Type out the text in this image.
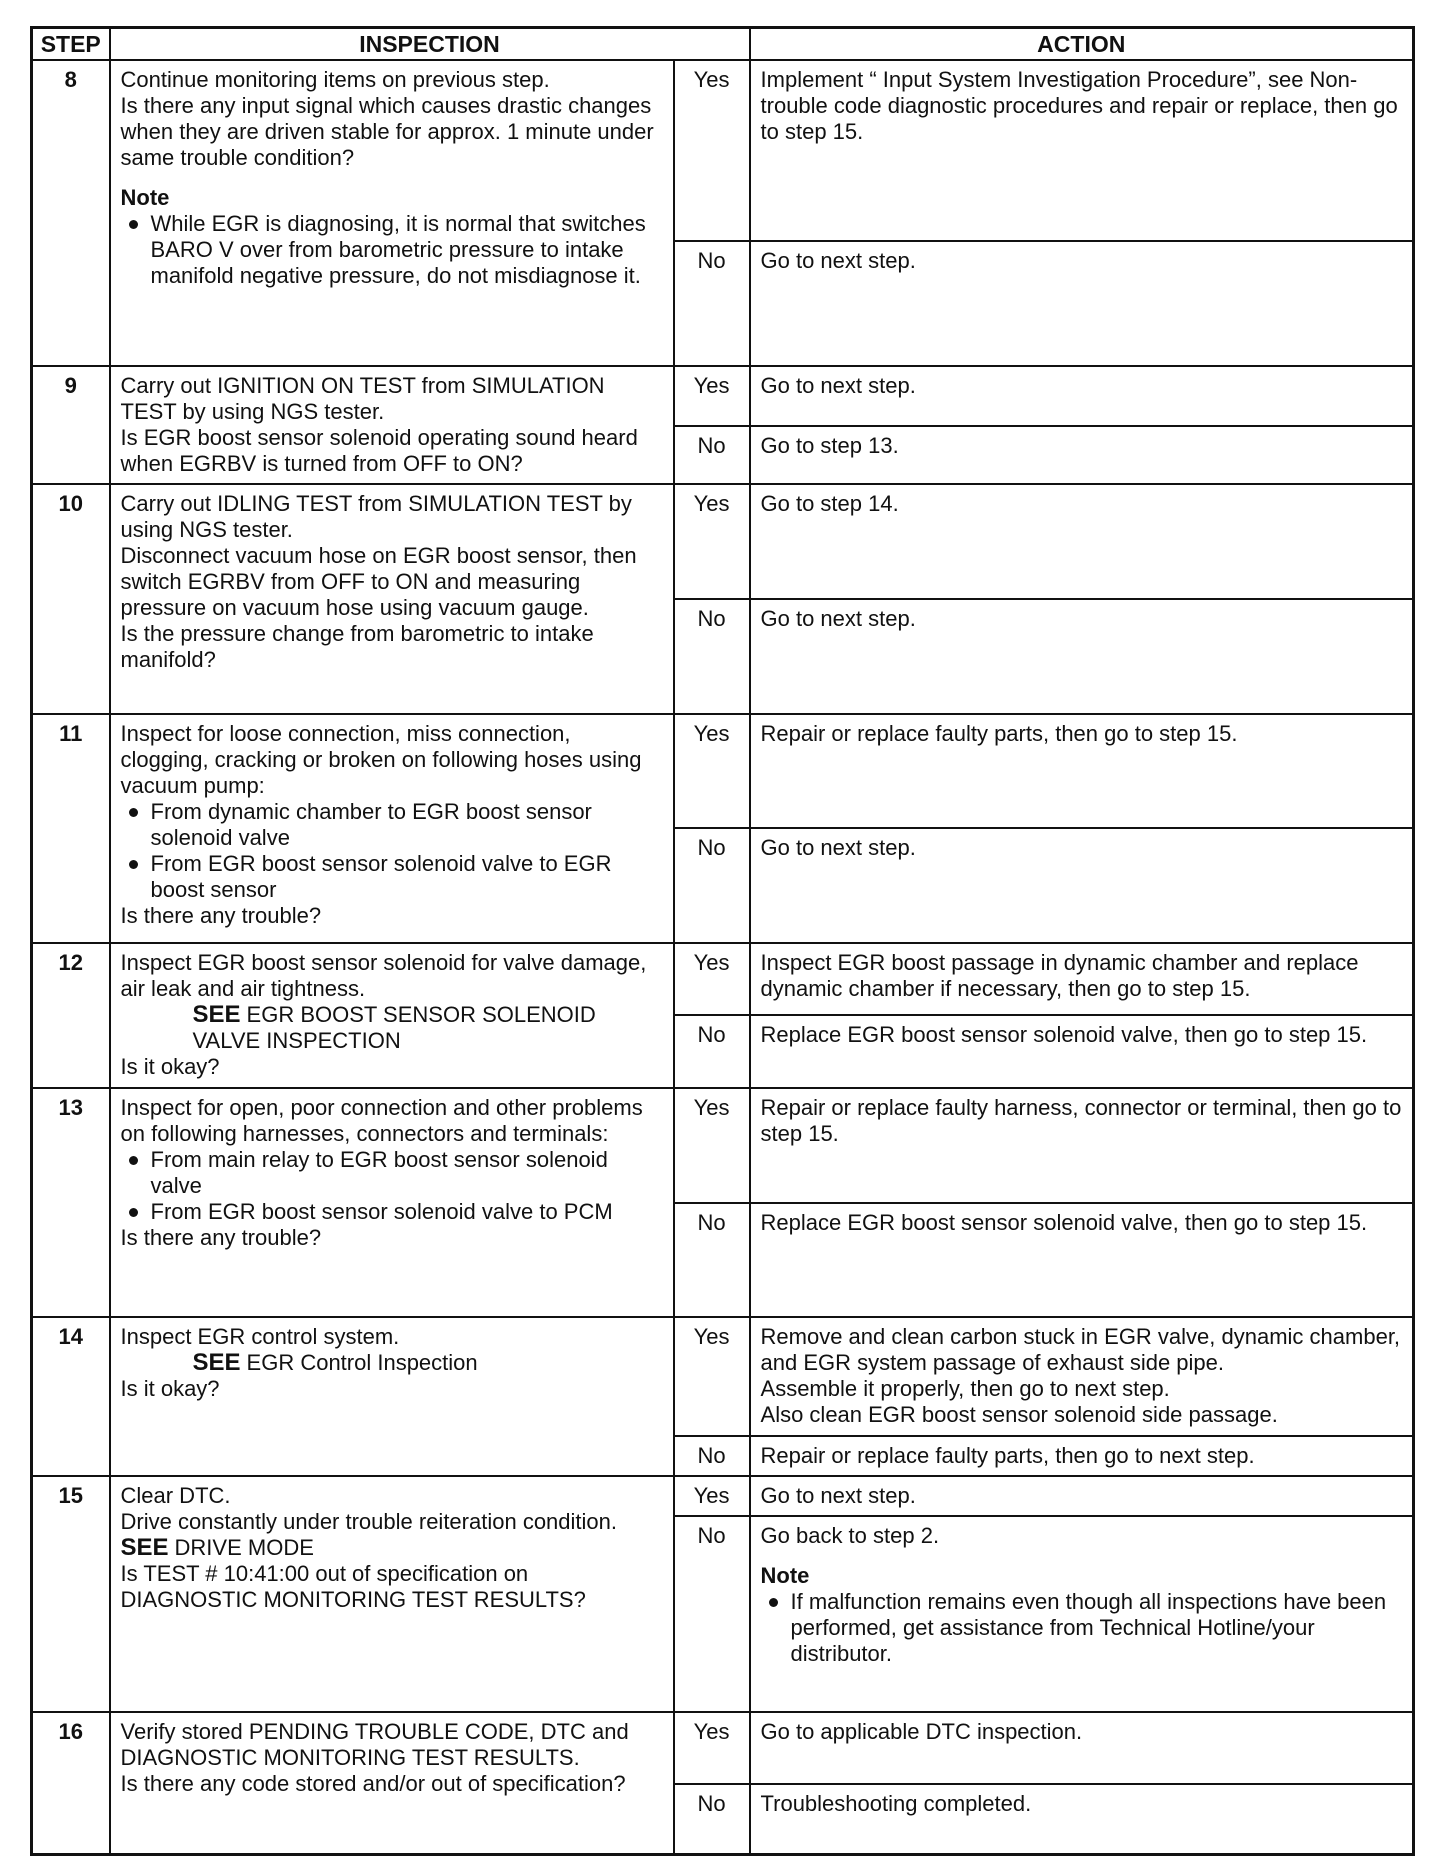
STEP	INSPECTION		ACTION
8	Continue monitoring items on previous step.
Is there any input signal which causes drastic changes when they are driven stable for approx. 1 minute under same trouble condition?
Note
While EGR is diagnosing, it is normal that switches BARO V over from barometric pressure to intake manifold negative pressure, do not misdiagnose it.	Yes	Implement “ Input System Investigation Procedure”, see Non-trouble code diagnostic procedures and repair or replace, then go to step 15.
		No	Go to next step.
9	Carry out IGNITION ON TEST from SIMULATION TEST by using NGS tester.
Is EGR boost sensor solenoid operating sound heard when EGRBV is turned from OFF to ON?	Yes	Go to next step.
		No	Go to step 13.
10	Carry out IDLING TEST from SIMULATION TEST by using NGS tester.
Disconnect vacuum hose on EGR boost sensor, then switch EGRBV from OFF to ON and measuring pressure on vacuum hose using vacuum gauge.
Is the pressure change from barometric to intake manifold?	Yes	Go to step 14.
		No	Go to next step.
11	Inspect for loose connection, miss connection, clogging, cracking or broken on following hoses using vacuum pump:
From dynamic chamber to EGR boost sensor solenoid valve
From EGR boost sensor solenoid valve to EGR boost sensor
Is there any trouble?	Yes	Repair or replace faulty parts, then go to step 15.
		No	Go to next step.
12	Inspect EGR boost sensor solenoid for valve damage, air leak and air tightness.
SEE EGR BOOST SENSOR SOLENOID VALVE INSPECTION
Is it okay?	Yes	Inspect EGR boost passage in dynamic chamber and replace dynamic chamber if necessary, then go to step 15.
		No	Replace EGR boost sensor solenoid valve, then go to step 15.
13	Inspect for open, poor connection and other problems on following harnesses, connectors and terminals:
From main relay to EGR boost sensor solenoid valve
From EGR boost sensor solenoid valve to PCM
Is there any trouble?	Yes	Repair or replace faulty harness, connector or terminal, then go to step 15.
		No	Replace EGR boost sensor solenoid valve, then go to step 15.
14	Inspect EGR control system.
SEE EGR Control Inspection
Is it okay?	Yes	Remove and clean carbon stuck in EGR valve, dynamic chamber, and EGR system passage of exhaust side pipe.
Assemble it properly, then go to next step.
Also clean EGR boost sensor solenoid side passage.

		No	Repair or replace faulty parts, then go to next step.
15	Clear DTC.
Drive constantly under trouble reiteration condition.
SEE DRIVE MODE
Is TEST # 10:41:00 out of specification on DIAGNOSTIC MONITORING TEST RESULTS?	Yes	Go to next step.
		No	Go back to step 2.
Note
If malfunction remains even though all inspections have been performed, get assistance from Technical Hotline/your distributor.

16	Verify stored PENDING TROUBLE CODE, DTC and DIAGNOSTIC MONITORING TEST RESULTS.
Is there any code stored and/or out of specification?	Yes	Go to applicable DTC inspection.
		No	Troubleshooting completed.
